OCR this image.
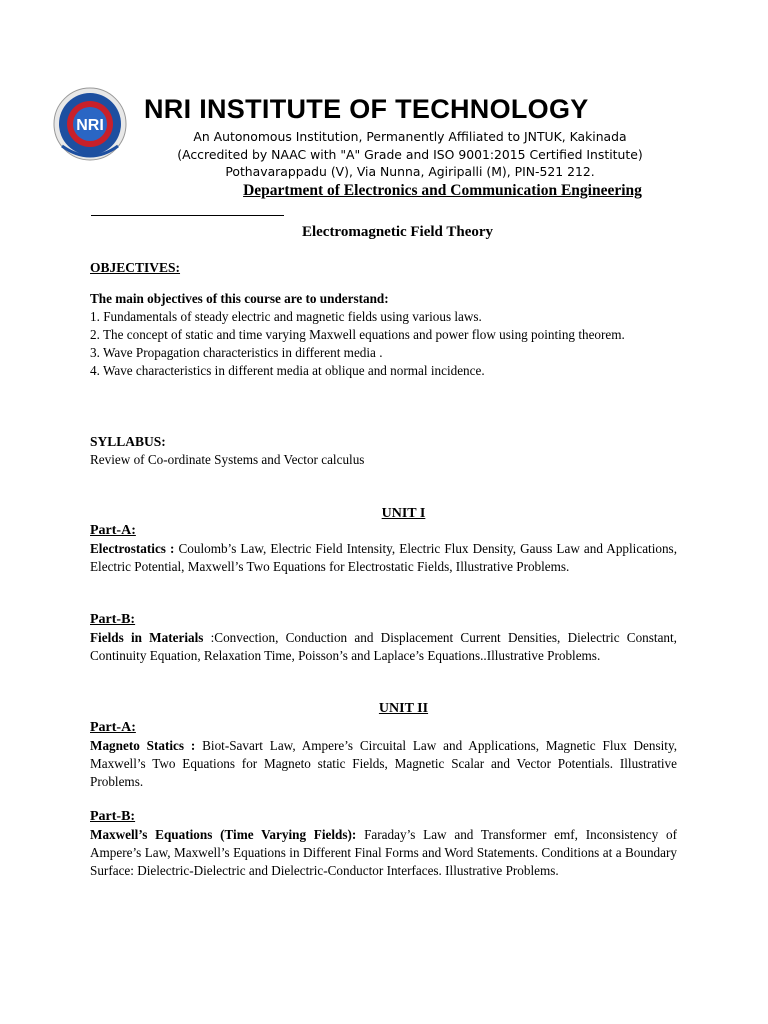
NRI
NRI INSTITUTE OF TECHNOLOGY
An Autonomous Institution, Permanently Affiliated to JNTUK, Kakinada
(Accredited by NAAC with "A" Grade and ISO 9001:2015 Certified Institute)
Pothavarappadu (V), Via Nunna, Agiripalli (M), PIN-521 212.
Department of Electronics and Communication Engineering
Electromagnetic Field Theory

OBJECTIVES:

The main objectives of this course are to understand:

1. Fundamentals of steady electric and magnetic fields using various laws.

2. The concept of static and time varying Maxwell equations and power flow using pointing theorem.

3. Wave Propagation characteristics in different media .

4. Wave characteristics in different media at oblique and normal incidence.

SYLLABUS:

Review of Co-ordinate Systems and Vector calculus

UNIT I

Part-A:

Electrostatics : Coulomb’s Law, Electric Field Intensity, Electric Flux Density, Gauss Law and Applications, Electric Potential, Maxwell’s Two Equations for Electrostatic Fields, Illustrative Problems.

Part-B:

Fields in Materials :Convection, Conduction and Displacement Current Densities, Dielectric Constant, Continuity Equation, Relaxation Time, Poisson’s and Laplace’s Equations..Illustrative Problems.

UNIT II

Part-A:

Magneto Statics : Biot-Savart Law, Ampere’s Circuital Law and Applications, Magnetic Flux Density, Maxwell’s Two Equations for Magneto static Fields, Magnetic Scalar and Vector Potentials. Illustrative Problems.

Part-B:

Maxwell’s Equations (Time Varying Fields): Faraday’s Law and Transformer emf, Inconsistency of Ampere’s Law, Maxwell’s Equations in Different Final Forms and Word Statements. Conditions at a Boundary Surface: Dielectric-Dielectric and Dielectric-Conductor Interfaces. Illustrative Problems.
